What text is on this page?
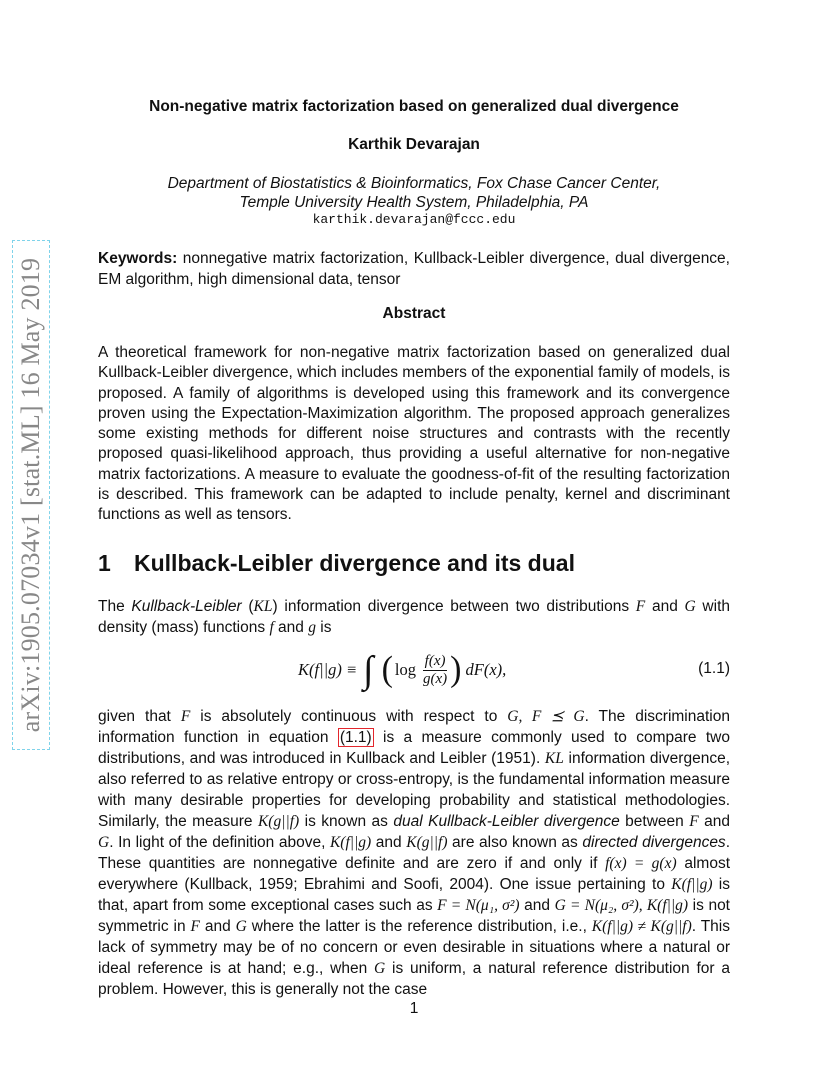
arXiv:1905.07034v1 [stat.ML] 16 May 2019
Non-negative matrix factorization based on generalized dual divergence
Karthik Devarajan
Department of Biostatistics & Bioinformatics, Fox Chase Cancer Center,
Temple University Health System, Philadelphia, PA
karthik.devarajan@fccc.edu
Keywords: nonnegative matrix factorization, Kullback-Leibler divergence, dual divergence, EM algorithm, high dimensional data, tensor
Abstract
A theoretical framework for non-negative matrix factorization based on generalized dual Kullback-Leibler divergence, which includes members of the exponential family of models, is proposed. A family of algorithms is developed using this framework and its convergence proven using the Expectation-Maximization algorithm. The proposed approach generalizes some existing methods for different noise structures and contrasts with the recently proposed quasi-likelihood approach, thus providing a useful alternative for non-negative matrix factorizations. A measure to evaluate the goodness-of-fit of the resulting factorization is described. This framework can be adapted to include penalty, kernel and discriminant functions as well as tensors.
1 Kullback-Leibler divergence and its dual
The Kullback-Leibler (KL) information divergence between two distributions F and G with density (mass) functions f and g is
K(f||g) ≡ ∫ ( $\log \frac{f(x)}{g(x)}$ ) dF(x),	(1.1)
given that F is absolutely continuous with respect to G, F ⪯ G. The discrimination information function in equation (1.1) is a measure commonly used to compare two distributions, and was introduced in Kullback and Leibler (1951). KL information divergence, also referred to as relative entropy or cross-entropy, is the fundamental information measure with many desirable properties for developing probability and statistical methodologies. Similarly, the measure K(g||f) is known as dual Kullback-Leibler divergence between F and G. In light of the definition above, K(f||g) and K(g||f) are also known as directed divergences. These quantities are nonnegative definite and are zero if and only if f(x) = g(x) almost everywhere (Kullback, 1959; Ebrahimi and Soofi, 2004). One issue pertaining to K(f||g) is that, apart from some exceptional cases such as F = N(μ₁, σ²) and G = N(μ₂, σ²), K(f||g) is not symmetric in F and G where the latter is the reference distribution, i.e., K(f||g) ≠ K(g||f). This lack of symmetry may be of no concern or even desirable in situations where a natural or ideal reference is at hand; e.g., when G is uniform, a natural reference distribution for a problem. However, this is generally not the case
1
